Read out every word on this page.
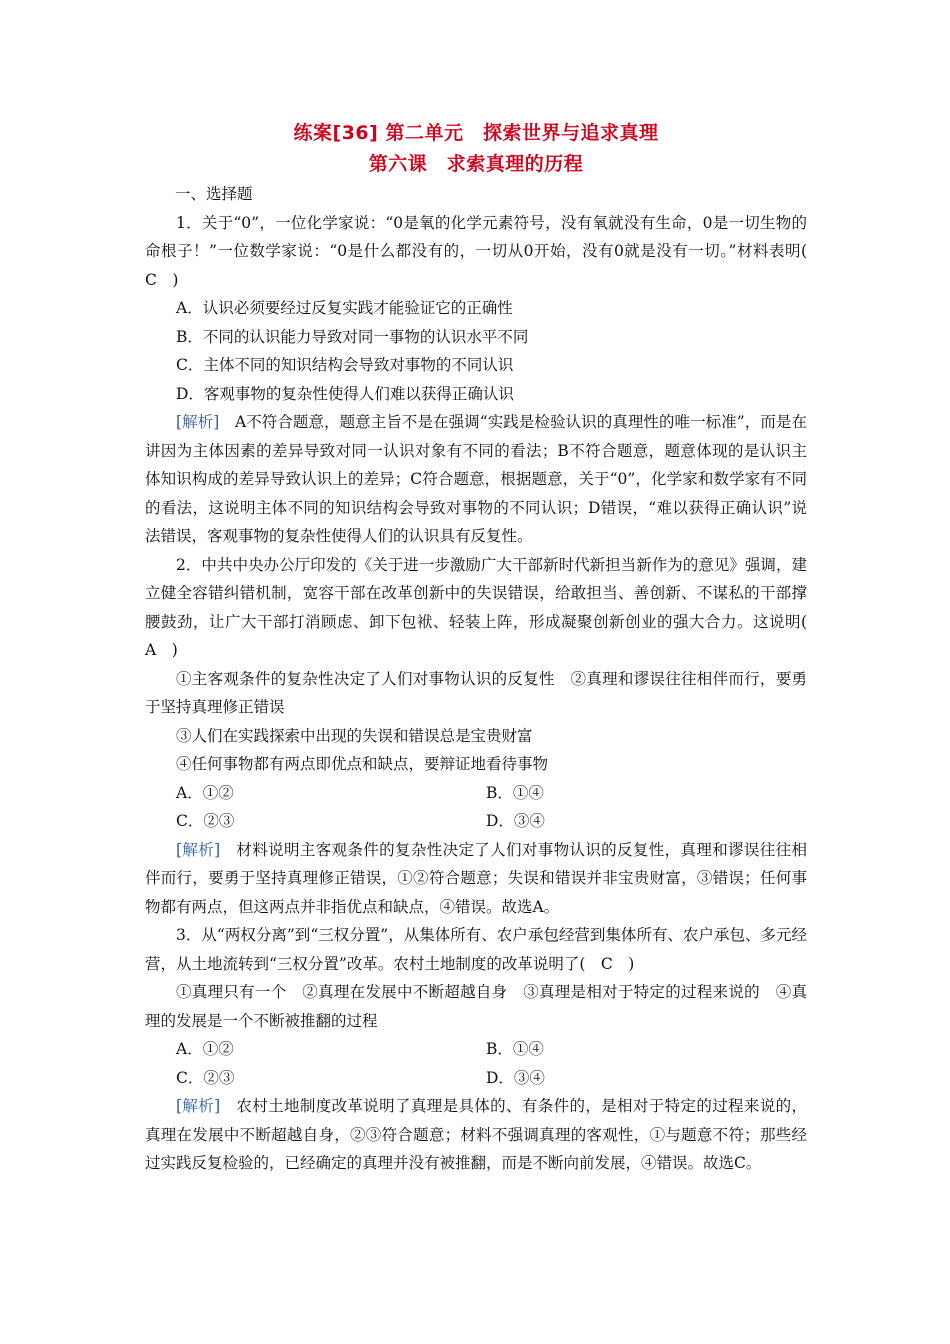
练案[36] 第二单元　探索世界与追求真理
第六课　求索真理的历程

一、选择题

1．关于“0”，一位化学家说：“0是氧的化学元素符号，没有氧就没有生命，0是一切生物的命根子！”一位数学家说：“0是什么都没有的，一切从0开始，没有0就是没有一切。”材料表明(　C　)

A．认识必须要经过反复实践才能验证它的正确性

B．不同的认识能力导致对同一事物的认识水平不同

C．主体不同的知识结构会导致对事物的不同认识

D．客观事物的复杂性使得人们难以获得正确认识

[解析]　A不符合题意，题意主旨不是在强调“实践是检验认识的真理性的唯一标准”，而是在讲因为主体因素的差异导致对同一认识对象有不同的看法；B不符合题意，题意体现的是认识主体知识构成的差异导致认识上的差异；C符合题意，根据题意，关于“0”，化学家和数学家有不同的看法，这说明主体不同的知识结构会导致对事物的不同认识；D错误，“难以获得正确认识”说法错误，客观事物的复杂性使得人们的认识具有反复性。

2．中共中央办公厅印发的《关于进一步激励广大干部新时代新担当新作为的意见》强调，建立健全容错纠错机制，宽容干部在改革创新中的失误错误，给敢担当、善创新、不谋私的干部撑腰鼓劲，让广大干部打消顾虑、卸下包袱、轻装上阵，形成凝聚创新创业的强大合力。这说明(　A　)

①主客观条件的复杂性决定了人们对事物认识的反复性　②真理和谬误往往相伴而行，要勇于坚持真理修正错误

③人们在实践探索中出现的失误和错误总是宝贵财富

④任何事物都有两点即优点和缺点，要辩证地看待事物

A．①②	B．①④
C．②③	D．③④

[解析]　材料说明主客观条件的复杂性决定了人们对事物认识的反复性，真理和谬误往往相伴而行，要勇于坚持真理修正错误，①②符合题意；失误和错误并非宝贵财富，③错误；任何事物都有两点，但这两点并非指优点和缺点，④错误。故选A。

3．从“两权分离”到“三权分置”，从集体所有、农户承包经营到集体所有、农户承包、多元经营，从土地流转到“三权分置”改革。农村土地制度的改革说明了(　C　)

①真理只有一个　②真理在发展中不断超越自身　③真理是相对于特定的过程来说的　④真理的发展是一个不断被推翻的过程

A．①②	B．①④
C．②③	D．③④

[解析]　农村土地制度改革说明了真理是具体的、有条件的，是相对于特定的过程来说的，真理在发展中不断超越自身，②③符合题意；材料不强调真理的客观性，①与题意不符；那些经过实践反复检验的，已经确定的真理并没有被推翻，而是不断向前发展，④错误。故选C。
